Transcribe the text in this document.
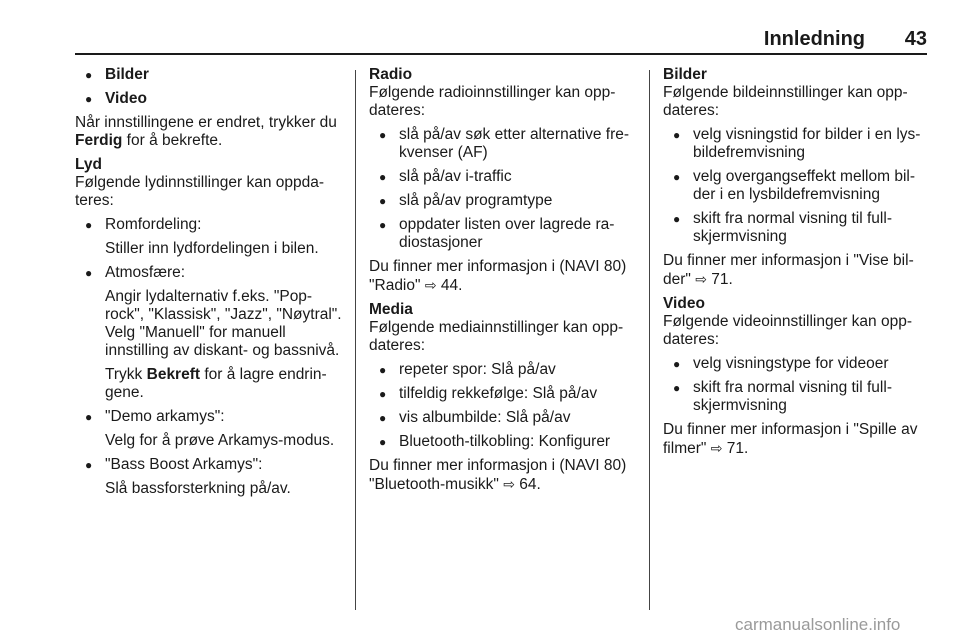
Innledning 43
● Bilder
● Video

Når innstillingene er endret, trykker du Ferdig for å bekrefte.

Lyd

Følgende lydinnstillinger kan oppdateres:

● Romfordeling:
Stiller inn lydfordelingen i bilen.
● Atmosfære:
Angir lydalternativ f.eks. "Pop-rock", "Klassisk", "Jazz", "Nøytral". Velg "Manuell" for manuell innstilling av diskant- og bassnivå.
Trykk Bekreft for å lagre endringene.
● "Demo arkamys":
Velg for å prøve Arkamys-modus.
● "Bass Boost Arkamys":
Slå bassforsterkning på/av.

Radio

Følgende radioinnstillinger kan oppdateres:

● slå på/av søk etter alternative frekvenser (AF)
● slå på/av i-traffic
● slå på/av programtype
● oppdater listen over lagrede radiostasjoner

Du finner mer informasjon i (NAVI 80) "Radio" ⇨ 44.

Media

Følgende mediainnstillinger kan oppdateres:

● repeter spor: Slå på/av
● tilfeldig rekkefølge: Slå på/av
● vis albumbilde: Slå på/av
● Bluetooth-tilkobling: Konfigurer

Du finner mer informasjon i (NAVI 80) "Bluetooth-musikk" ⇨ 64.

Bilder

Følgende bildeinnstillinger kan oppdateres:

● velg visningstid for bilder i en lysbildefremvisning
● velg overgangseffekt mellom bilder i en lysbildefremvisning
● skift fra normal visning til fullskjermvisning

Du finner mer informasjon i "Vise bilder" ⇨ 71.

Video

Følgende videoinnstillinger kan oppdateres:

● velg visningstype for videoer
● skift fra normal visning til fullskjermvisning

Du finner mer informasjon i "Spille av filmer" ⇨ 71.

carmanualsonline.info
